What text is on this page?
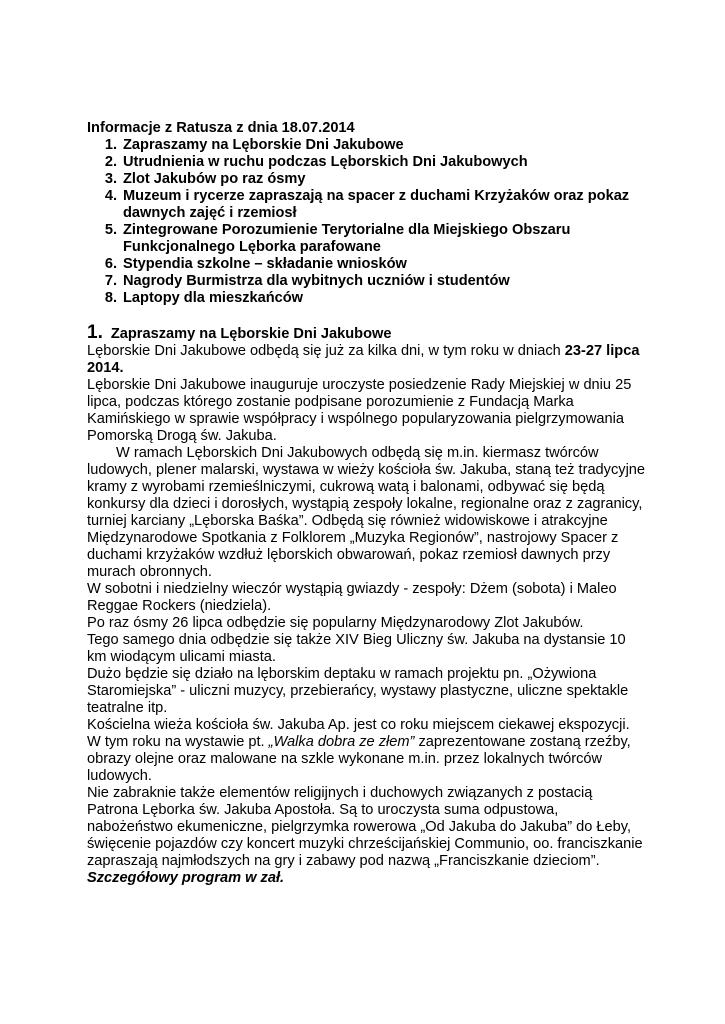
Informacje z Ratusza z dnia 18.07.2014

1. Zapraszamy na Lęborskie Dni Jakubowe
2. Utrudnienia w ruchu podczas Lęborskich Dni Jakubowych
3. Zlot Jakubów po raz ósmy
4. Muzeum i rycerze zapraszają na spacer z duchami Krzyżaków oraz pokaz dawnych zajęć i rzemiosł
5. Zintegrowane Porozumienie Terytorialne dla Miejskiego Obszaru Funkcjonalnego Lęborka parafowane
6. Stypendia szkolne – składanie wniosków
7. Nagrody Burmistrza dla wybitnych uczniów i studentów
8. Laptopy dla mieszkańców
1. Zapraszamy na Lęborskie Dni Jakubowe

Lęborskie Dni Jakubowe odbędą się już za kilka dni, w tym roku w dniach 23-27 lipca 2014.

Lęborskie Dni Jakubowe inauguruje uroczyste posiedzenie Rady Miejskiej w dniu 25 lipca, podczas którego zostanie podpisane porozumienie z Fundacją Marka Kamińskiego w sprawie współpracy i wspólnego popularyzowania pielgrzymowania Pomorską Drogą św. Jakuba.

W ramach Lęborskich Dni Jakubowych odbędą się m.in. kiermasz twórców ludowych, plener malarski, wystawa w wieży kościoła św. Jakuba, staną też tradycyjne kramy z wyrobami rzemieślniczymi, cukrową watą i balonami, odbywać się będą konkursy dla dzieci i dorosłych, wystąpią zespoły lokalne, regionalne oraz z zagranicy, turniej karciany „Lęborska Baśka”. Odbędą się również widowiskowe i atrakcyjne Międzynarodowe Spotkania z Folklorem „Muzyka Regionów”, nastrojowy Spacer z duchami krzyżaków wzdłuż lęborskich obwarowań, pokaz rzemiosł dawnych przy murach obronnych.

W sobotni i niedzielny wieczór wystąpią gwiazdy - zespoły: Dżem (sobota) i Maleo Reggae Rockers (niedziela).

Po raz ósmy 26 lipca odbędzie się popularny Międzynarodowy Zlot Jakubów.

Tego samego dnia odbędzie się także XIV Bieg Uliczny św. Jakuba na dystansie 10 km wiodącym ulicami miasta.

Dużo będzie się działo na lęborskim deptaku w ramach projektu pn. „Ożywiona Staromiejska” - uliczni muzycy, przebierańcy, wystawy plastyczne, uliczne spektakle teatralne itp.

Kościelna wieża kościoła św. Jakuba Ap. jest co roku miejscem ciekawej ekspozycji.

W tym roku na wystawie pt. „Walka dobra ze złem” zaprezentowane zostaną rzeźby, obrazy olejne oraz malowane na szkle wykonane m.in. przez lokalnych twórców ludowych.

Nie zabraknie także elementów religijnych i duchowych związanych z postacią Patrona Lęborka św. Jakuba Apostoła. Są to uroczysta suma odpustowa, nabożeństwo ekumeniczne, pielgrzymka rowerowa „Od Jakuba do Jakuba” do Łeby, święcenie pojazdów czy koncert muzyki chrześcijańskiej Communio, oo. franciszkanie zapraszają najmłodszych na gry i zabawy pod nazwą „Franciszkanie dzieciom”.

Szczegółowy program w zał.
